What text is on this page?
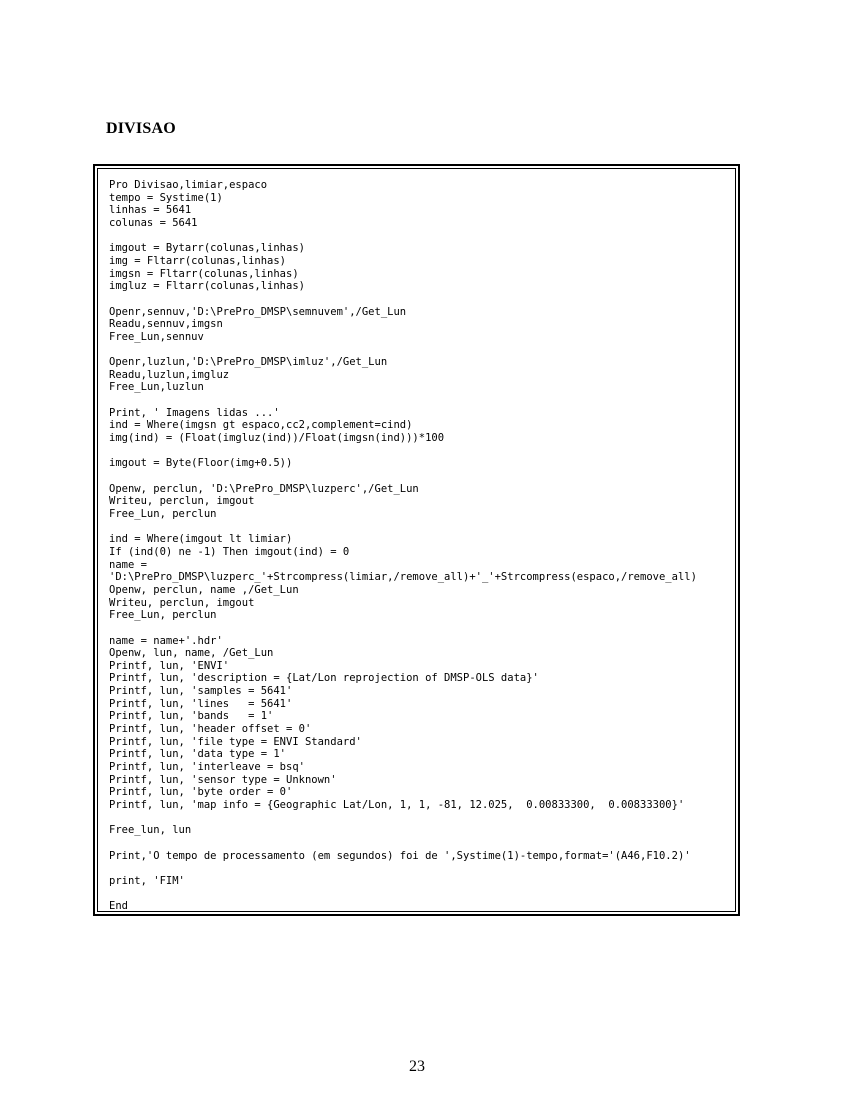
DIVISAO
Pro Divisao,limiar,espaco
tempo = Systime(1)
linhas = 5641
colunas = 5641
imgout = Bytarr(colunas,linhas)
img = Fltarr(colunas,linhas)
imgsn = Fltarr(colunas,linhas)
imgluz = Fltarr(colunas,linhas)
Openr,sennuv,'D:\PrePro_DMSP\semnuvem',/Get_Lun
Readu,sennuv,imgsn
Free_Lun,sennuv
Openr,luzlun,'D:\PrePro_DMSP\imluz',/Get_Lun
Readu,luzlun,imgluz
Free_Lun,luzlun
Print, ' Imagens lidas ...'
ind = Where(imgsn gt espaco,cc2,complement=cind)
img(ind) = (Float(imgluz(ind))/Float(imgsn(ind)))*100
imgout = Byte(Floor(img+0.5))
Openw, perclun, 'D:\PrePro_DMSP\luzperc',/Get_Lun
Writeu, perclun, imgout
Free_Lun, perclun
ind = Where(imgout lt limiar)
If (ind(0) ne -1) Then imgout(ind) = 0
name =
'D:\PrePro_DMSP\luzperc_'+Strcompress(limiar,/remove_all)+'_'+Strcompress(espaco,/remove_all)
Openw, perclun, name ,/Get_Lun
Writeu, perclun, imgout
Free_Lun, perclun
name = name+'.hdr'
Openw, lun, name, /Get_Lun
Printf, lun, 'ENVI'
Printf, lun, 'description = {Lat/Lon reprojection of DMSP-OLS data}'
Printf, lun, 'samples = 5641'
Printf, lun, 'lines   = 5641'
Printf, lun, 'bands   = 1'
Printf, lun, 'header offset = 0'
Printf, lun, 'file type = ENVI Standard'
Printf, lun, 'data type = 1'
Printf, lun, 'interleave = bsq'
Printf, lun, 'sensor type = Unknown'
Printf, lun, 'byte order = 0'
Printf, lun, 'map info = {Geographic Lat/Lon, 1, 1, -81, 12.025,  0.00833300,  0.00833300}'
Free_lun, lun
Print,'O tempo de processamento (em segundos) foi de ',Systime(1)-tempo,format='(A46,F10.2)'
print, 'FIM'
End
23
